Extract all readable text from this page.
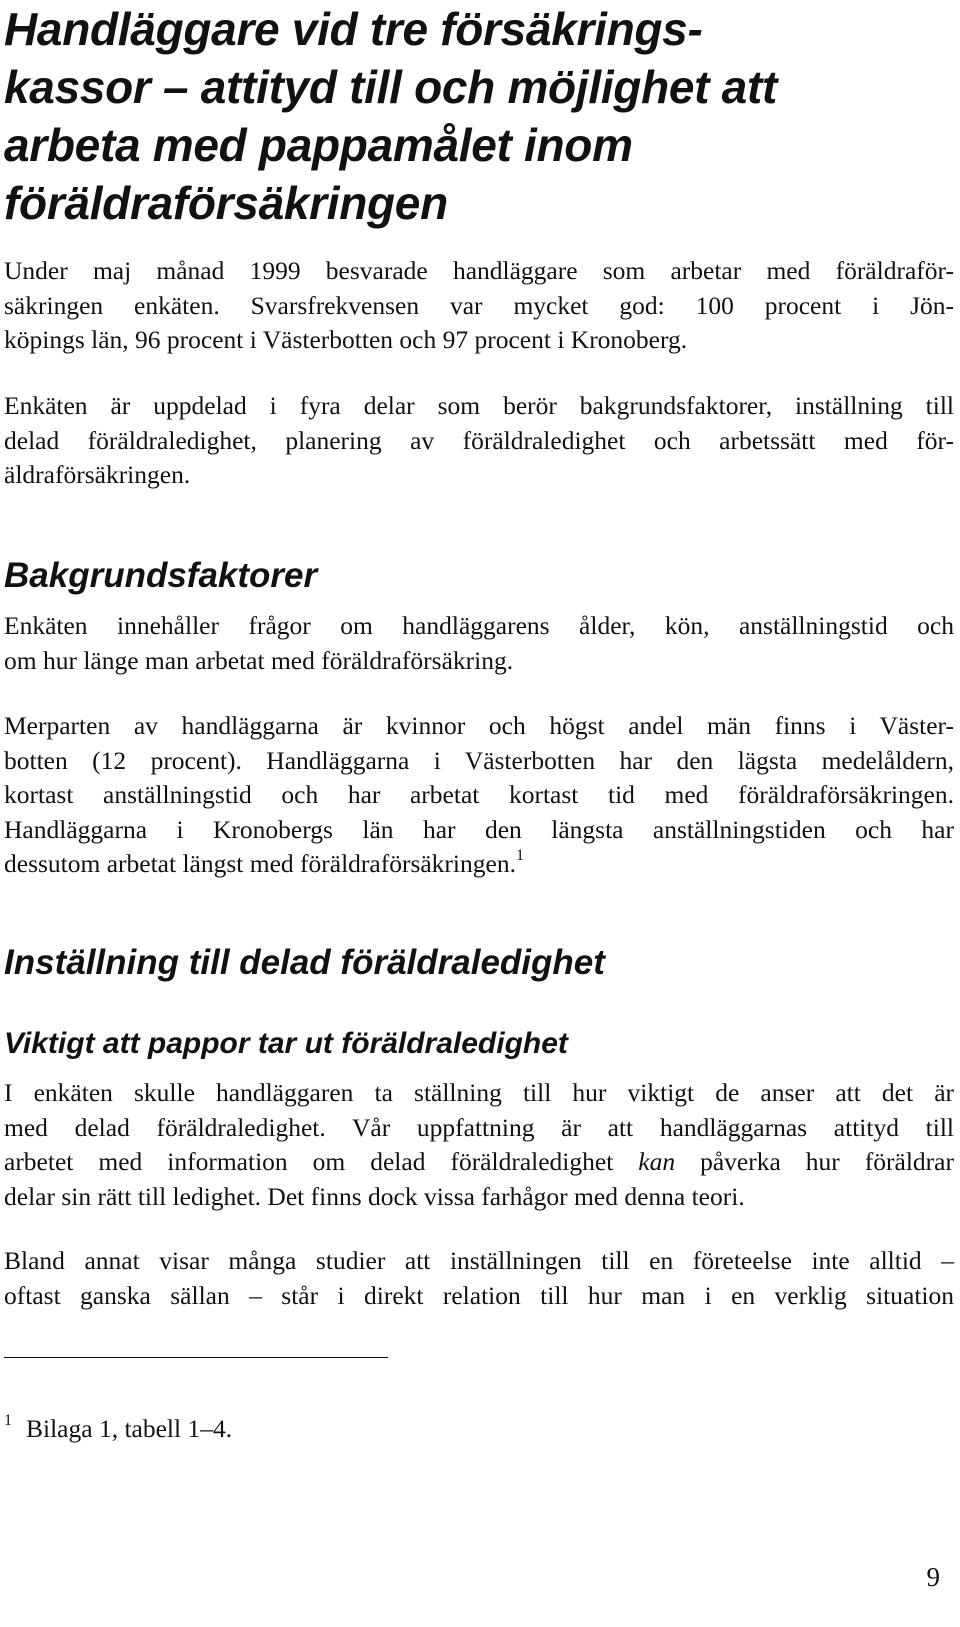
Handläggare vid tre försäkrings-
kassor – attityd till och möjlighet att
arbeta med pappamålet inom
föräldraförsäkringen
Under maj månad 1999 besvarade handläggare som arbetar med föräldraför-
säkringen enkäten. Svarsfrekvensen var mycket god: 100 procent i Jön-
köpings län, 96 procent i Västerbotten och 97 procent i Kronoberg.
Enkäten är uppdelad i fyra delar som berör bakgrundsfaktorer, inställning till
delad föräldraledighet, planering av föräldraledighet och arbetssätt med för-
äldraförsäkringen.
Bakgrundsfaktorer
Enkäten innehåller frågor om handläggarens ålder, kön, anställningstid och
om hur länge man arbetat med föräldraförsäkring.
Merparten av handläggarna är kvinnor och högst andel män finns i Väster-
botten (12 procent). Handläggarna i Västerbotten har den lägsta medelåldern,
kortast anställningstid och har arbetat kortast tid med föräldraförsäkringen.
Handläggarna i Kronobergs län har den längsta anställningstiden och har
dessutom arbetat längst med föräldraförsäkringen.$^1$
Inställning till delad föräldraledighet
Viktigt att pappor tar ut föräldraledighet
I enkäten skulle handläggaren ta ställning till hur viktigt de anser att det är
med delad föräldraledighet. Vår uppfattning är att handläggarnas attityd till
arbetet med information om delad föräldraledighet kan påverka hur föräldrar
delar sin rätt till ledighet. Det finns dock vissa farhågor med denna teori.
Bland annat visar många studier att inställningen till en företeelse inte alltid –
oftast ganska sällan – står i direkt relation till hur man i en verklig situation
$^1$ Bilaga 1, tabell 1–4.
9
